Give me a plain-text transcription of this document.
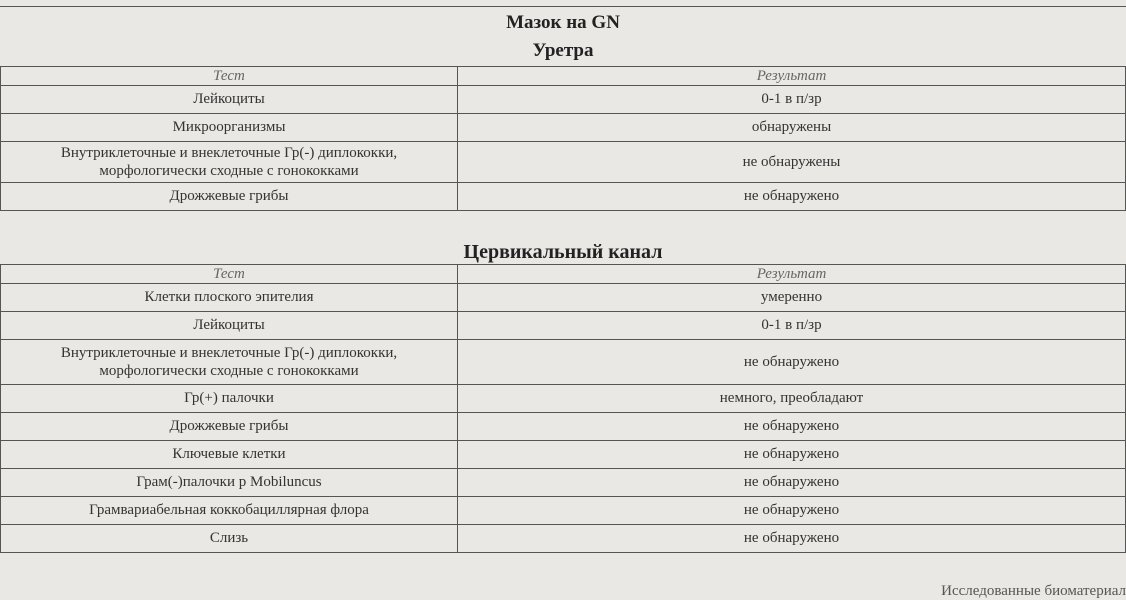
Мазок на GN
Уретра
Тест	Результат
Лейкоциты	0-1 в п/зр
Микроорганизмы	обнаружены

Внутриклеточные и внеклеточные Гр(-) диплококки,
морфологически сходные с гонококками	не обнаружены
Дрожжевые грибы	не обнаружено
Цервикальный канал
Тест	Результат
Клетки плоского эпителия	умеренно
Лейкоциты	0-1 в п/зр

Внутриклеточные и внеклеточные Гр(-) диплококки,
морфологически сходные с гонококками	не обнаружено
Гр(+) палочки	немного, преобладают
Дрожжевые грибы	не обнаружено
Ключевые клетки	не обнаружено
Грам(-)палочки р Mobiluncus	не обнаружено
Грамвариабельная коккобациллярная флора	не обнаружено
Слизь	не обнаружено
Исследованные биоматериал
